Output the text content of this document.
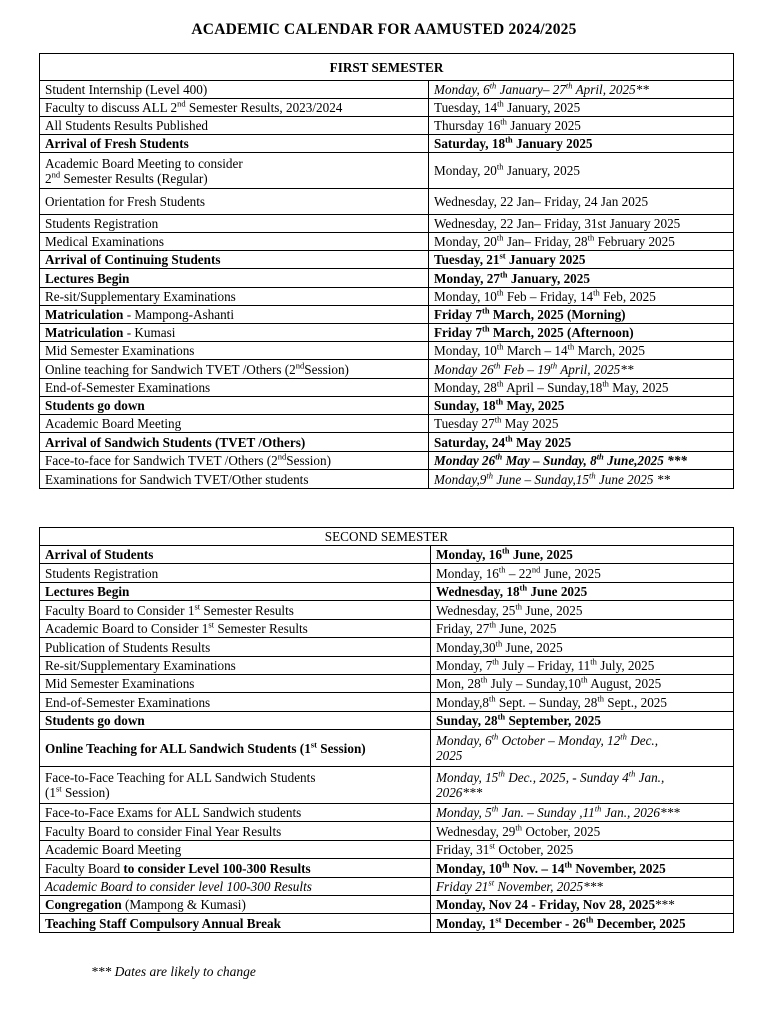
ACADEMIC CALENDAR FOR AAMUSTED 2024/2025
FIRST SEMESTER	
Student Internship (Level 400)	Monday, 6th January– 27th April, 2025**
Faculty to discuss ALL 2nd Semester Results, 2023/2024	Tuesday, 14th January, 2025
All Students Results Published	Thursday 16th January 2025
Arrival of Fresh Students	Saturday, 18th January 2025
Academic Board Meeting to consider
2nd Semester Results (Regular)	Monday, 20th January, 2025
Orientation for Fresh Students	Wednesday, 22 Jan– Friday, 24 Jan 2025
Students Registration	Wednesday, 22 Jan– Friday, 31st January 2025
Medical Examinations	Monday, 20th Jan– Friday, 28th February 2025
Arrival of Continuing Students	Tuesday, 21st January 2025
Lectures Begin	Monday, 27th January, 2025
Re-sit/Supplementary Examinations	Monday, 10th Feb – Friday, 14th Feb, 2025
Matriculation - Mampong-Ashanti	Friday 7th March, 2025 (Morning)
Matriculation - Kumasi	Friday 7th March, 2025 (Afternoon)
Mid Semester Examinations	Monday, 10th March – 14th March, 2025
Online teaching for Sandwich TVET /Others (2ndSession)	Monday 26th Feb – 19th April, 2025**
End-of-Semester Examinations	Monday, 28th April – Sunday,18th May, 2025
Students go down	Sunday, 18th May, 2025
Academic Board Meeting	Tuesday 27th May 2025
Arrival of Sandwich Students (TVET /Others)	Saturday, 24th May 2025
Face-to-face for Sandwich TVET /Others (2ndSession)	Monday 26th May – Sunday, 8th June,2025 ***
Examinations for Sandwich TVET/Other students	Monday,9th June – Sunday,15th June 2025 **
SECOND SEMESTER	
Arrival of Students	Monday, 16th June, 2025
Students Registration	Monday, 16th – 22nd June, 2025
Lectures Begin	Wednesday, 18th June 2025
Faculty Board to Consider 1st Semester Results	Wednesday, 25th June, 2025
Academic Board to Consider 1st Semester Results	Friday, 27th June, 2025
Publication of Students Results	Monday,30th June, 2025
Re-sit/Supplementary Examinations	Monday, 7th July – Friday, 11th July, 2025
Mid Semester Examinations	Mon, 28th July – Sunday,10th August, 2025
End-of-Semester Examinations	Monday,8th Sept. – Sunday, 28th Sept., 2025
Students go down	Sunday, 28th September, 2025
Online Teaching for ALL Sandwich Students (1st Session)	Monday, 6th October – Monday, 12th Dec.,
2025
Face-to-Face Teaching for ALL Sandwich Students
(1st Session)	Monday, 15th Dec., 2025, - Sunday 4th Jan.,
2026***
Face-to-Face Exams for ALL Sandwich students	Monday, 5th Jan. – Sunday ,11th Jan., 2026***
Faculty Board to consider Final Year Results	Wednesday, 29th October, 2025
Academic Board Meeting	Friday, 31st October, 2025
Faculty Board to consider Level 100-300 Results	Monday, 10th Nov. – 14th November, 2025
Academic Board to consider level 100-300 Results	Friday 21st November, 2025***
Congregation (Mampong & Kumasi)	Monday, Nov 24 - Friday, Nov 28, 2025***
Teaching Staff Compulsory Annual Break	Monday, 1st December - 26th December, 2025
*** Dates are likely to change
